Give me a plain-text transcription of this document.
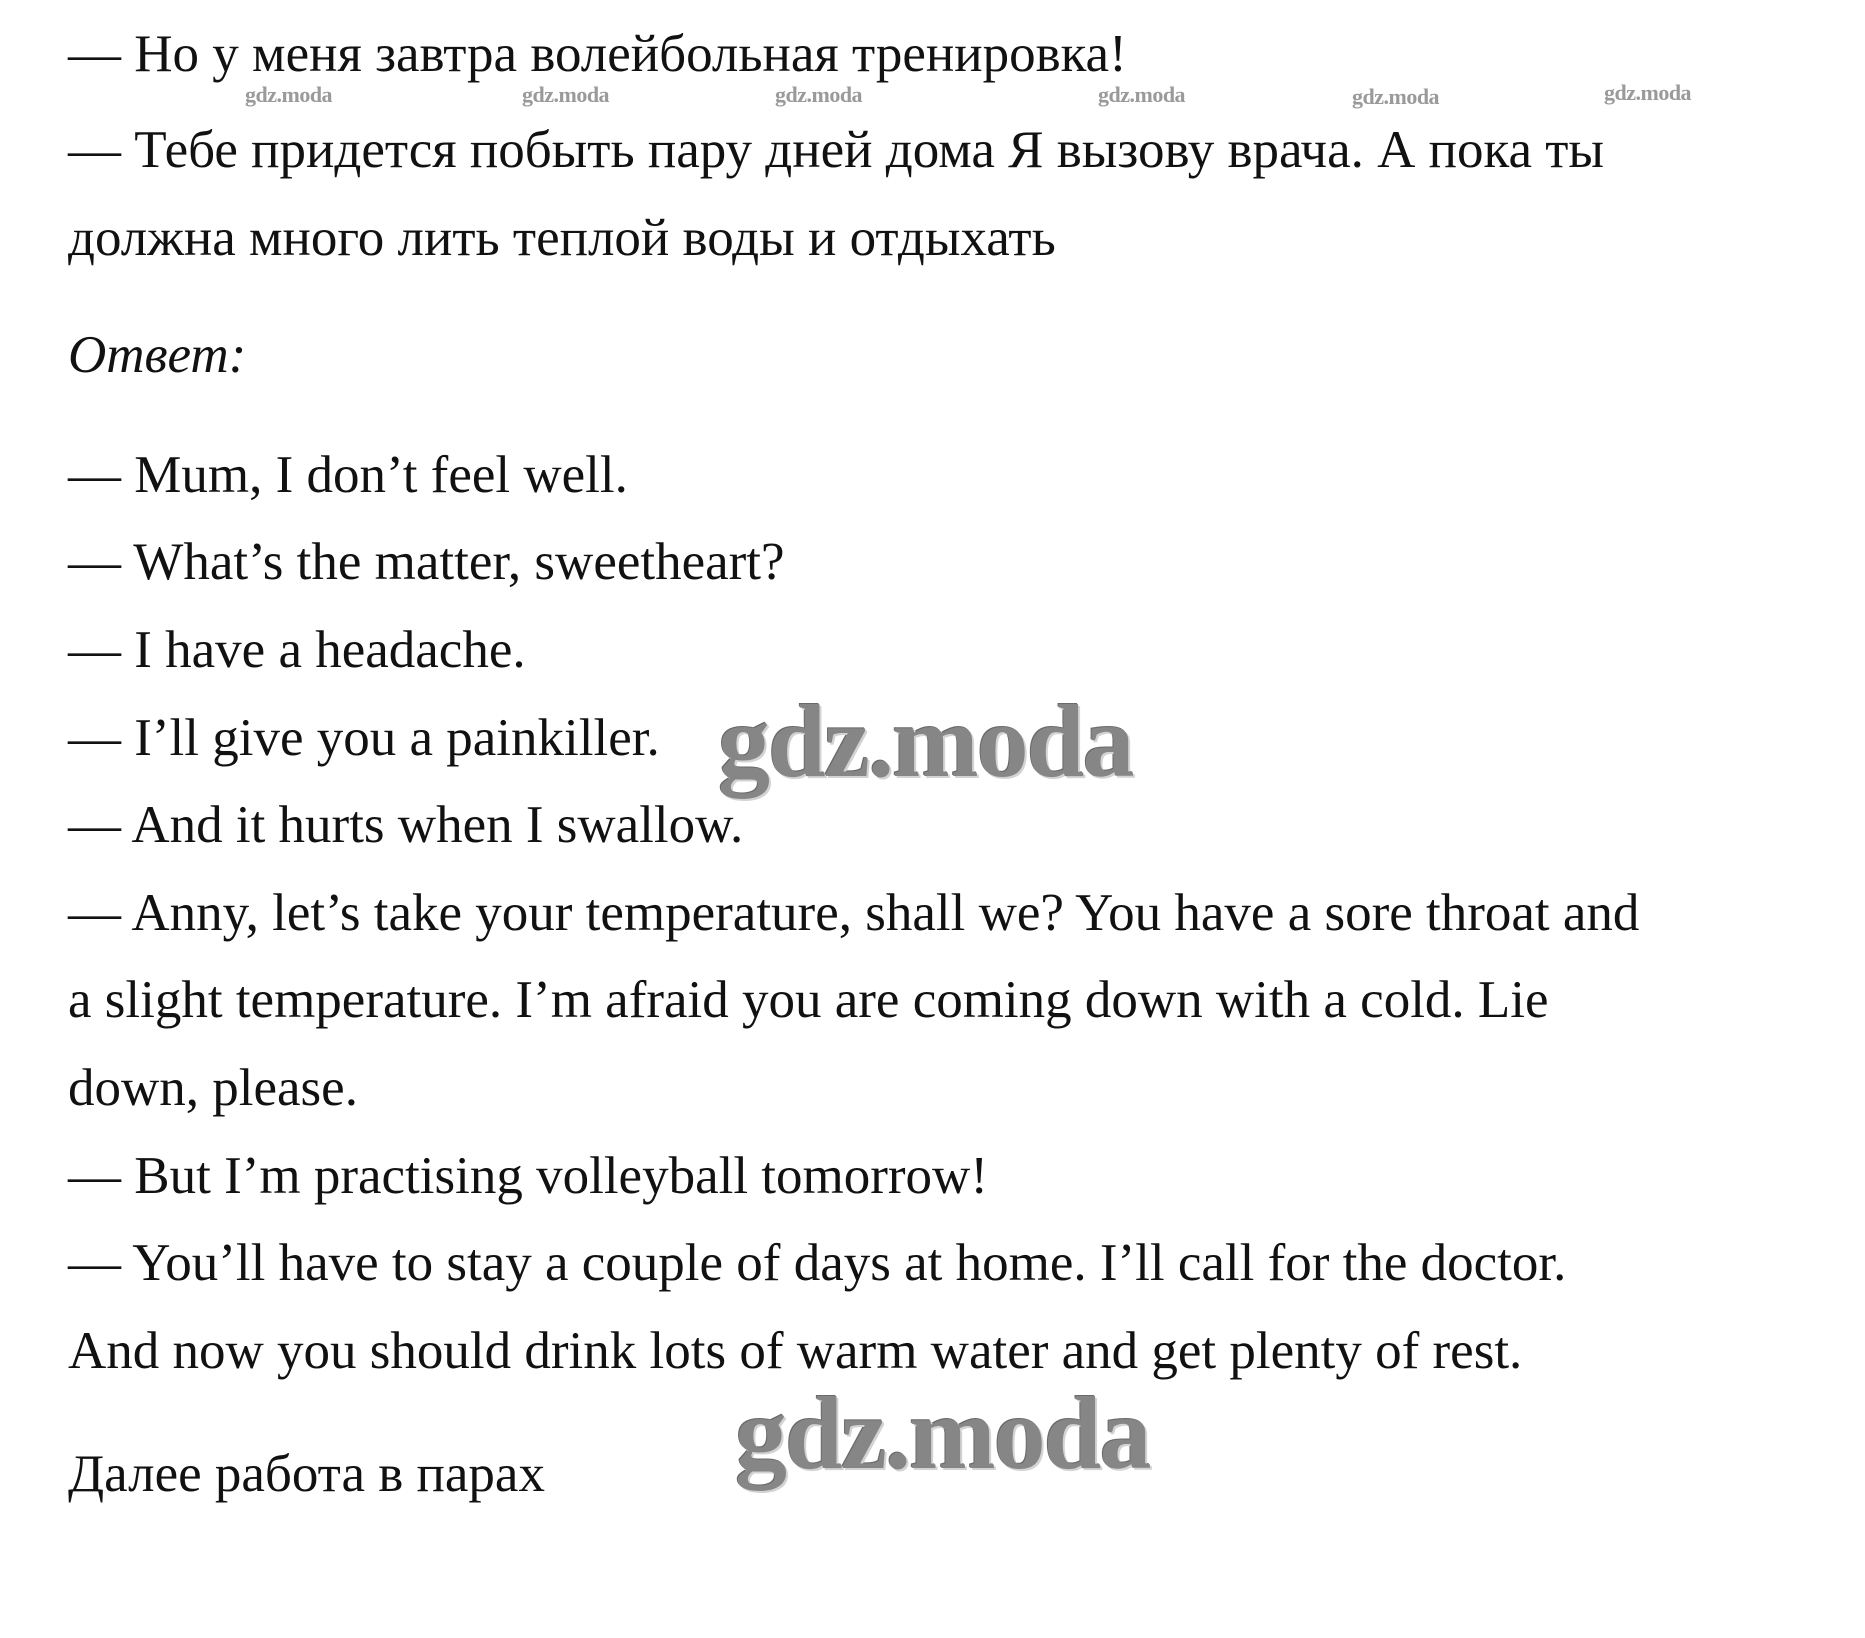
— Но у меня завтра волейбольная тренировка!
— Тебе придется побыть пару дней дома Я вызову врача. А пока ты
должна много лить теплой воды и отдыхать
Ответ:
— Mum, I don’t feel well.
— What’s the matter, sweetheart?
— I have a headache.
— I’ll give you a painkiller.
— And it hurts when I swallow.
— Anny, let’s take your temperature, shall we? You have a sore throat and
a slight temperature. I’m afraid you are coming down with a cold. Lie
down, please.
— But I’m practising volleyball tomorrow!
— You’ll have to stay a couple of days at home. I’ll call for the doctor.
And now you should drink lots of warm water and get plenty of rest.
Далее работа в парах
gdz.moda	gdz.moda	gdz.moda	gdz.moda	gdz.moda	gdz.moda
gdz.moda
gdz.moda
